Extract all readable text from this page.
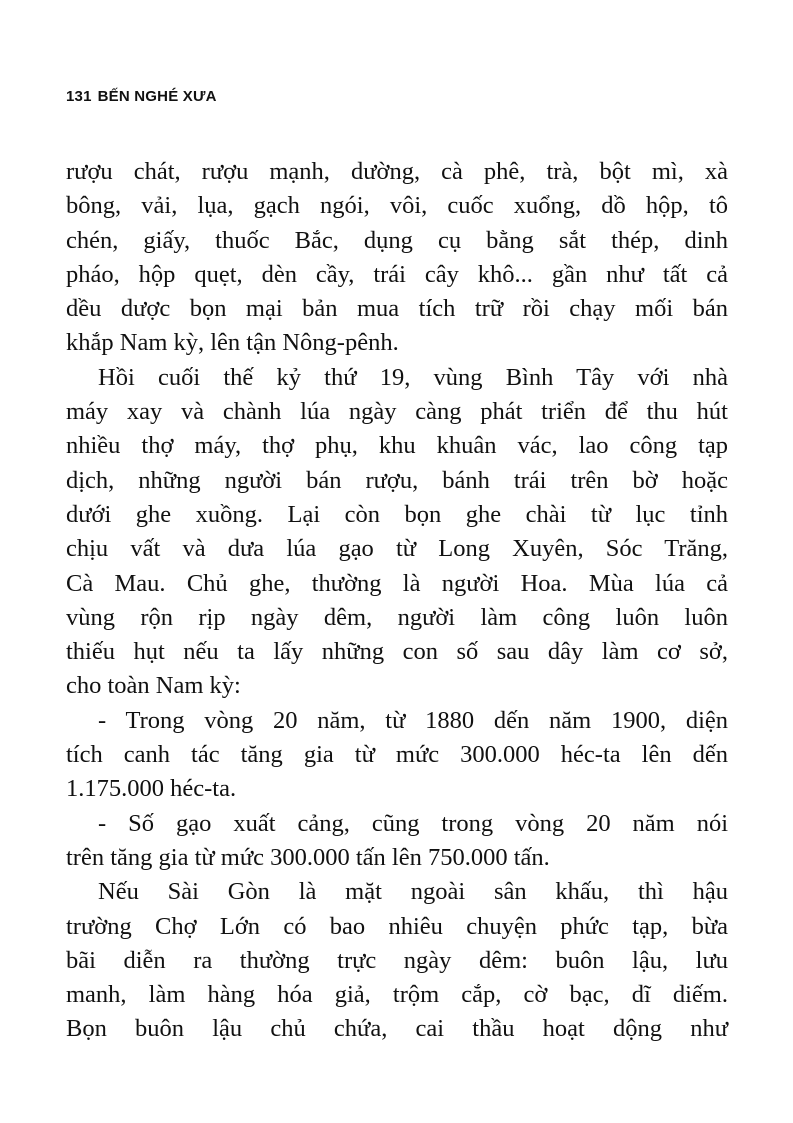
131 BẾN NGHÉ XƯA
rượu chát, rượu mạnh, dường, cà phê, trà, bột mì, xà
bông, vải, lụa, gạch ngói, vôi, cuốc xuổng, dồ hộp, tô
chén, giấy, thuốc Bắc, dụng cụ bằng sắt thép, dinh
pháo, hộp quẹt, dèn cầy, trái cây khô... gần như tất cả
dều dược bọn mại bản mua tích trữ rồi chạy mối bán
khắp Nam kỳ, lên tận Nông-pênh.
Hồi cuối thế kỷ thứ 19, vùng Bình Tây với nhà
máy xay và chành lúa ngày càng phát triển để thu hút
nhiều thợ máy, thợ phụ, khu khuân vác, lao công tạp
dịch, những người bán rượu, bánh trái trên bờ hoặc
dưới ghe xuồng. Lại còn bọn ghe chài từ lục tỉnh
chịu vất và dưa lúa gạo từ Long Xuyên, Sóc Trăng,
Cà Mau. Chủ ghe, thường là người Hoa. Mùa lúa cả
vùng rộn rịp ngày dêm, người làm công luôn luôn
thiếu hụt nếu ta lấy những con số sau dây làm cơ sở,
cho toàn Nam kỳ:
- Trong vòng 20 năm, từ 1880 dến năm 1900, diện
tích canh tác tăng gia từ mức 300.000 héc-ta lên dến
1.175.000 héc-ta.
- Số gạo xuất cảng, cũng trong vòng 20 năm nói
trên tăng gia từ mức 300.000 tấn lên 750.000 tấn.
Nếu Sài Gòn là mặt ngoài sân khấu, thì hậu
trường Chợ Lớn có bao nhiêu chuyện phức tạp, bừa
bãi diễn ra thường trực ngày dêm: buôn lậu, lưu
manh, làm hàng hóa giả, trộm cắp, cờ bạc, dĩ diếm.
Bọn buôn lậu chủ chứa, cai thầu hoạt dộng như
